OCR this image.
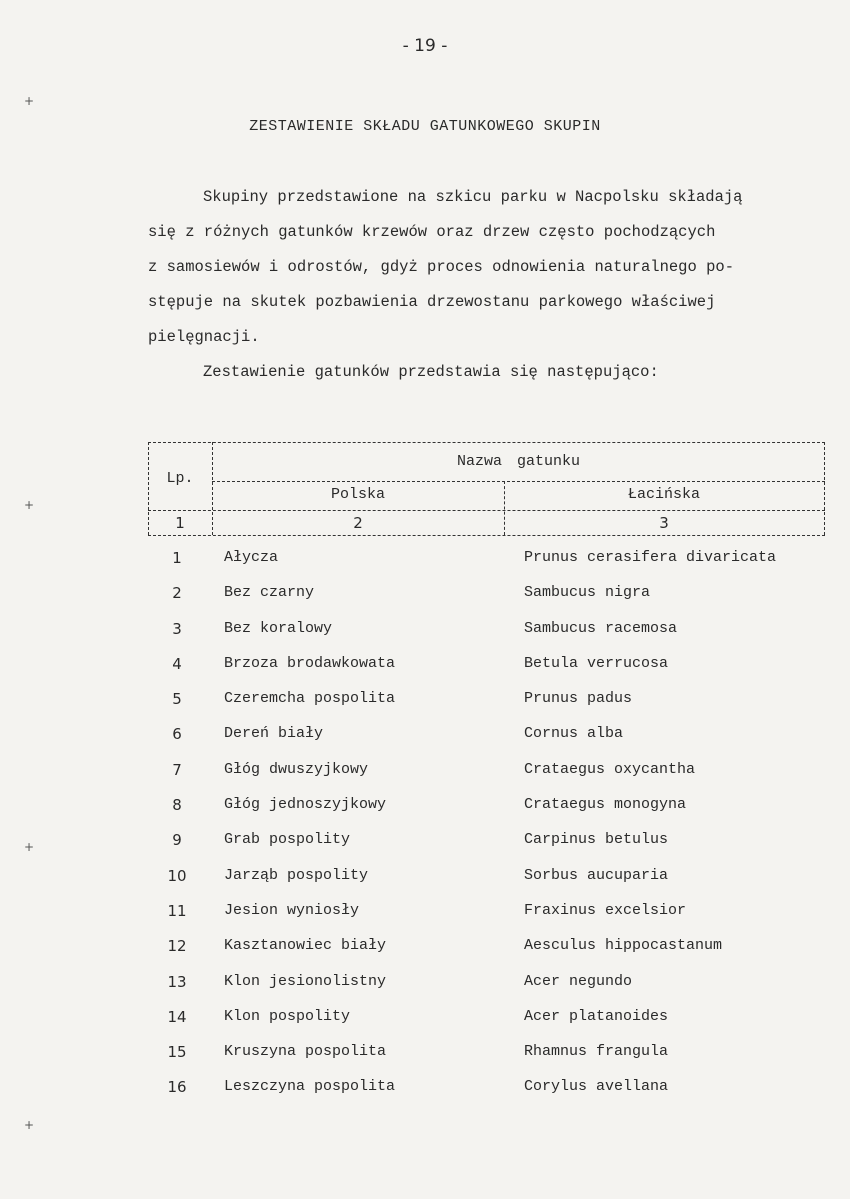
+
+
+
+
- 19 -
ZESTAWIENIE SKŁADU GATUNKOWEGO SKUPIN
Skupiny przedstawione na szkicu parku w Nacpolsku składają
się z różnych gatunków krzewów oraz drzew często pochodzących
z samosiewów i odrostów, gdyż proces odnowienia naturalnego po-
stępuje na skutek pozbawienia drzewostanu parkowego właściwej
pielęgnacji.
Zestawienie gatunków przedstawia się następująco:
Lp.
Nazwa gatunku
Polska	Łacińska
1	2	3
1	Ałycza	Prunus cerasifera divaricata
2	Bez czarny	Sambucus nigra
3	Bez koralowy	Sambucus racemosa
4	Brzoza brodawkowata	Betula verrucosa
5	Czeremcha pospolita	Prunus padus
6	Dereń biały	Cornus alba
7	Głóg dwuszyjkowy	Crataegus oxycantha
8	Głóg jednoszyjkowy	Crataegus monogyna
9	Grab pospolity	Carpinus betulus
10	Jarząb pospolity	Sorbus aucuparia
11	Jesion wyniosły	Fraxinus excelsior
12	Kasztanowiec biały	Aesculus hippocastanum
13	Klon jesionolistny	Acer negundo
14	Klon pospolity	Acer platanoides
15	Kruszyna pospolita	Rhamnus frangula
16	Leszczyna pospolita	Corylus avellana
